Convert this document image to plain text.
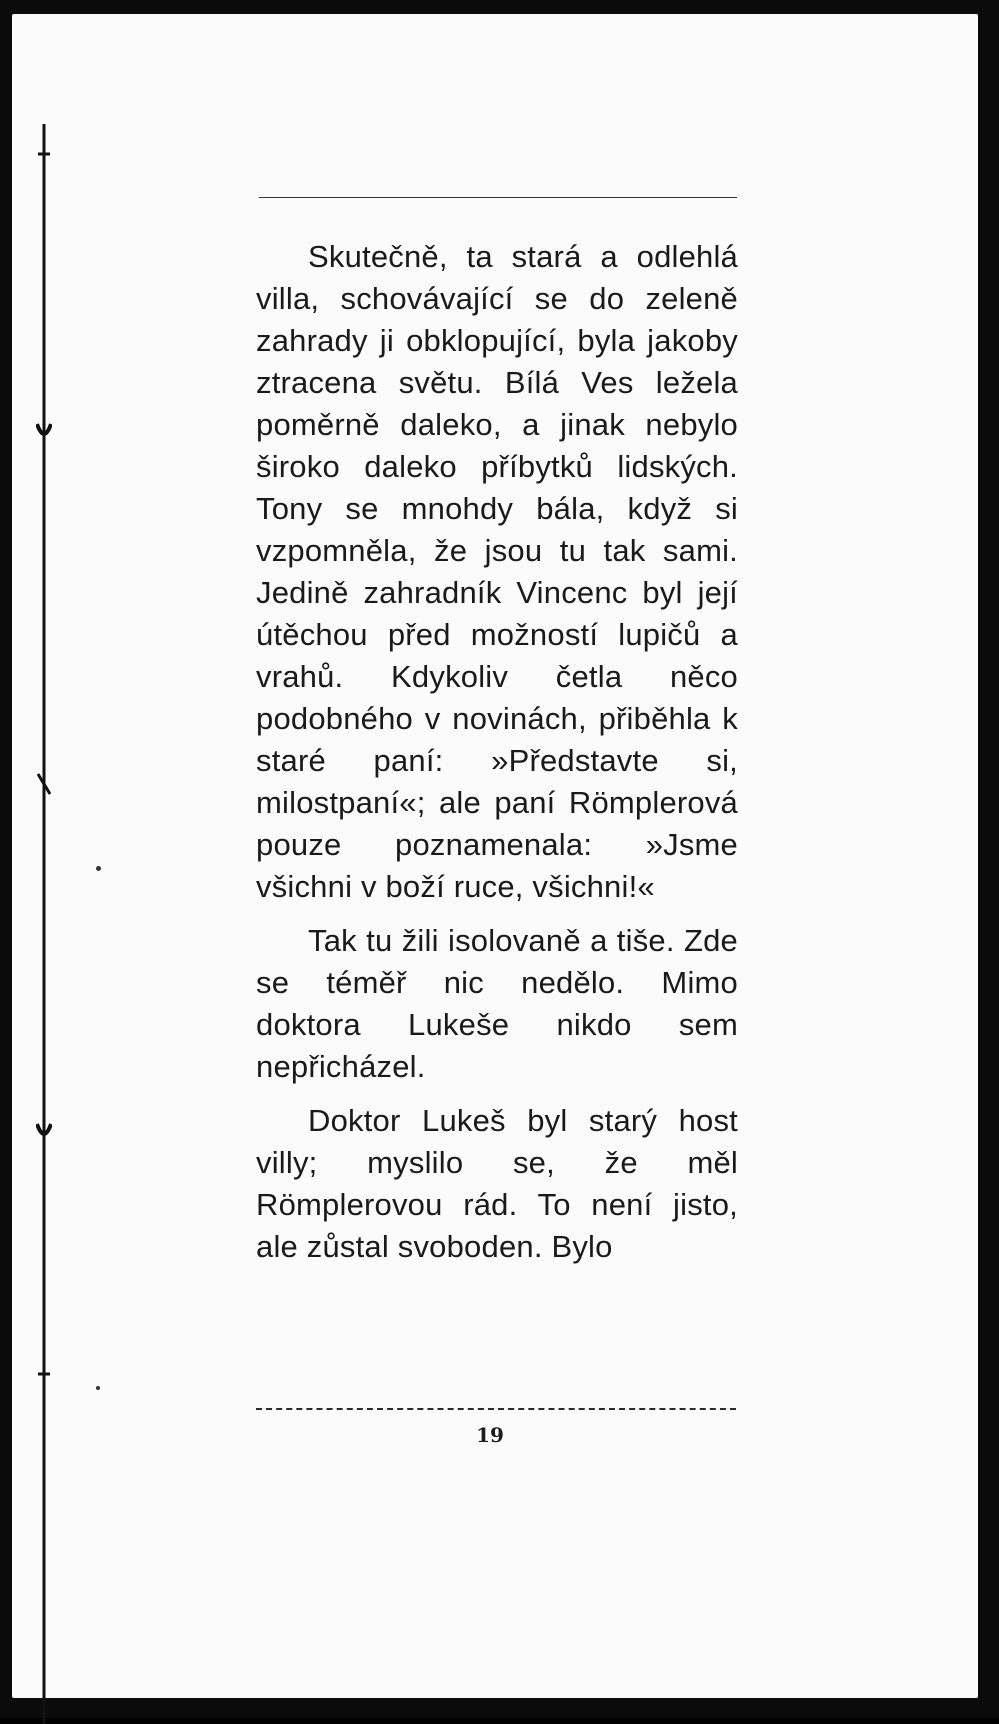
Skutečně, ta stará a odlehlá villa, schovávající se do zeleně zahrady ji obklopující, byla jakoby ztracena světu. Bílá Ves ležela poměrně daleko, a jinak nebylo široko daleko příbytků lidských. Tony se mnohdy bála, když si vzpomněla, že jsou tu tak sami. Jedině zahradník Vincenc byl její útěchou před možností lupičů a vrahů. Kdykoliv četla něco podobného v novinách, přiběhla k staré paní: »Představte si, milostpaní«; ale paní Römplerová pouze poznamenala: »Jsme všichni v boží ruce, všichni!«

Tak tu žili isolovaně a tiše. Zde se téměř nic nedělo. Mimo doktora Lukeše nikdo sem nepřicházel.

Doktor Lukeš byl starý host villy; myslilo se, že měl Römplerovou rád. To není jisto, ale zůstal svoboden. Bylo

19
